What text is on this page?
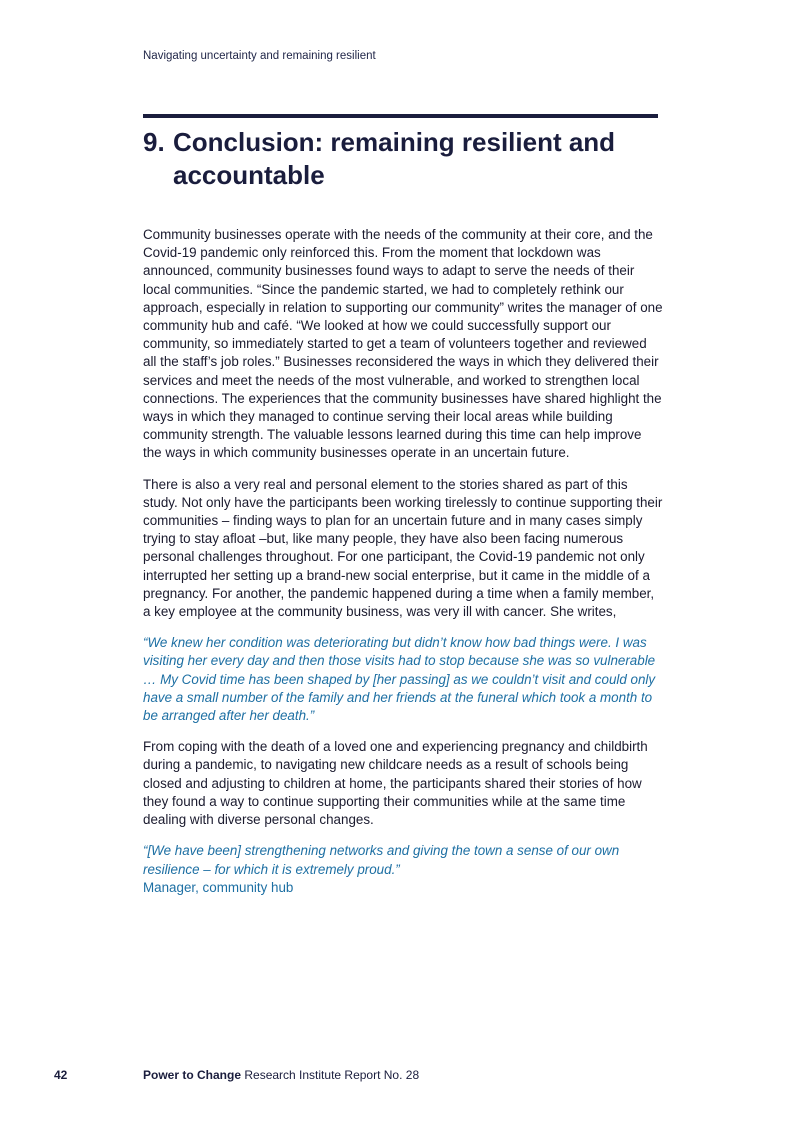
Navigating uncertainty and remaining resilient
9. Conclusion: remaining resilient and
accountable

Community businesses operate with the needs of the community at their core, and the Covid-19 pandemic only reinforced this. From the moment that lockdown was announced, community businesses found ways to adapt to serve the needs of their local communities. “Since the pandemic started, we had to completely rethink our approach, especially in relation to supporting our community” writes the manager of one community hub and café. “We looked at how we could successfully support our community, so immediately started to get a team of volunteers together and reviewed all the staff’s job roles.” Businesses reconsidered the ways in which they delivered their services and meet the needs of the most vulnerable, and worked to strengthen local connections. The experiences that the community businesses have shared highlight the ways in which they managed to continue serving their local areas while building community strength. The valuable lessons learned during this time can help improve the ways in which community businesses operate in an uncertain future.

There is also a very real and personal element to the stories shared as part of this study. Not only have the participants been working tirelessly to continue supporting their communities – finding ways to plan for an uncertain future and in many cases simply trying to stay afloat –but, like many people, they have also been facing numerous personal challenges throughout. For one participant, the Covid-19 pandemic not only interrupted her setting up a brand-new social enterprise, but it came in the middle of a pregnancy. For another, the pandemic happened during a time when a family member, a key employee at the community business, was very ill with cancer. She writes,

“We knew her condition was deteriorating but didn’t know how bad things were. I was visiting her every day and then those visits had to stop because she was so vulnerable … My Covid time has been shaped by [her passing] as we couldn’t visit and could only have a small number of the family and her friends at the funeral which took a month to be arranged after her death.”

From coping with the death of a loved one and experiencing pregnancy and childbirth during a pandemic, to navigating new childcare needs as a result of schools being closed and adjusting to children at home, the participants shared their stories of how they found a way to continue supporting their communities while at the same time dealing with diverse personal changes.

“[We have been] strengthening networks and giving the town a sense of our own resilience – for which it is extremely proud.”

Manager, community hub
42	Power to Change Research Institute Report No. 28
